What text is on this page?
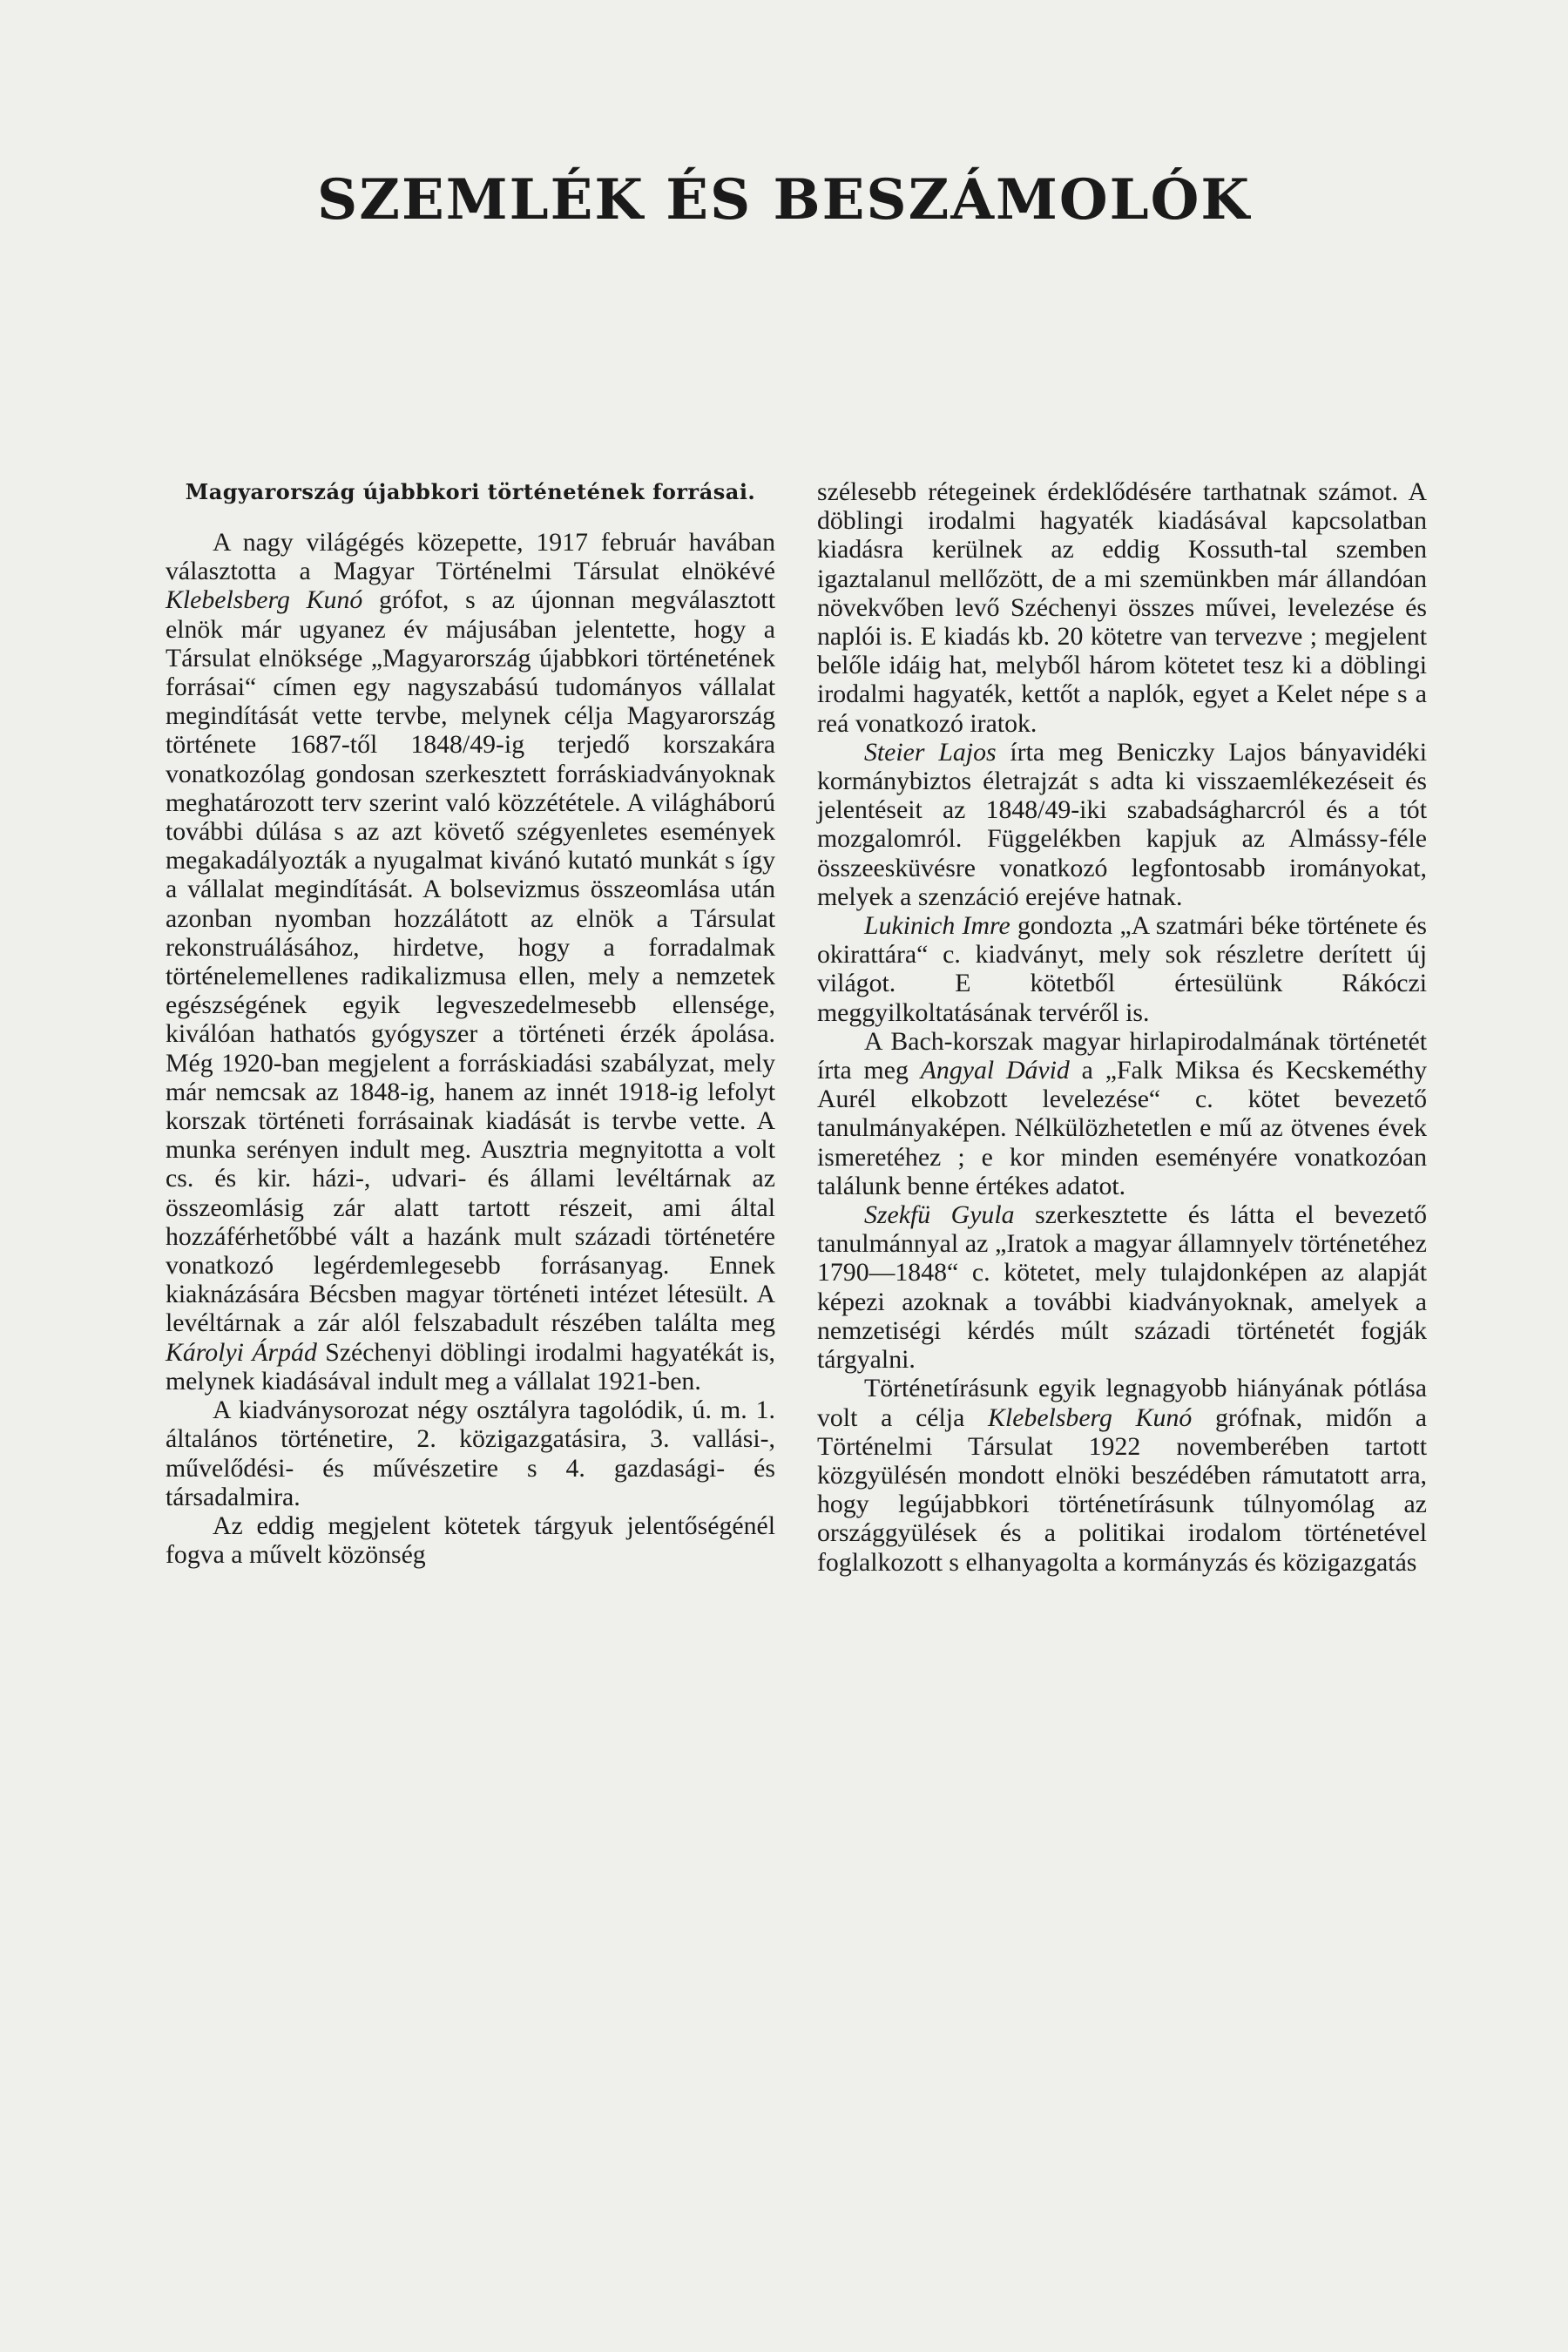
SZEMLÉK ÉS BESZÁMOLÓK
Magyarország újabbkori történetének forrásai.

A nagy világégés közepette, 1917 február havában választotta a Magyar Történelmi Társulat elnökévé Klebelsberg Kunó grófot, s az újonnan megválasztott elnök már ugyanez év májusában jelentette, hogy a Társulat elnöksége „Magyarország újabbkori történetének forrásai“ címen egy nagyszabású tudományos vállalat megindítását vette tervbe, melynek célja Magyarország története 1687-től 1848/49-ig terjedő korszakára vonatkozólag gondosan szerkesztett forráskiadványoknak meghatározott terv szerint való közzététele. A világháború további dúlása s az azt követő szégyenletes események megakadályozták a nyugalmat kivánó kutató munkát s így a vállalat megindítását. A bolsevizmus összeomlása után azonban nyomban hozzálátott az elnök a Társulat rekonstruálásához, hirdetve, hogy a forradalmak történelemellenes radikalizmusa ellen, mely a nemzetek egészségének egyik legveszedelmesebb ellensége, kiválóan hathatós gyógyszer a történeti érzék ápolása. Még 1920-ban megjelent a forráskiadási szabályzat, mely már nemcsak az 1848-ig, hanem az innét 1918-ig lefolyt korszak történeti forrásainak kiadását is tervbe vette. A munka serényen indult meg. Ausztria megnyitotta a volt cs. és kir. házi-, udvari- és állami levéltárnak az összeomlásig zár alatt tartott részeit, ami által hozzáférhetőbbé vált a hazánk mult századi történetére vonatkozó legérdemlegesebb forrásanyag. Ennek kiaknázására Bécsben magyar történeti intézet létesült. A levéltárnak a zár alól felszabadult részében találta meg Károlyi Árpád Széchenyi döblingi irodalmi hagyatékát is, melynek kiadásával indult meg a vállalat 1921-ben.

A kiadványsorozat négy osztályra tagolódik, ú. m. 1. általános történetire, 2. közigazgatásira, 3. vallási-, művelődési- és művészetire s 4. gazdasági- és társadalmira.

Az eddig megjelent kötetek tárgyuk jelentőségénél fogva a művelt közönség

szélesebb rétegeinek érdeklődésére tarthatnak számot. A döblingi irodalmi hagyaték kiadásával kapcsolatban kiadásra kerülnek az eddig Kossuth-tal szemben igaztalanul mellőzött, de a mi szemünkben már állandóan növekvőben levő Széchenyi összes művei, levelezése és naplói is. E kiadás kb. 20 kötetre van tervezve ; megjelent belőle idáig hat, melyből három kötetet tesz ki a döblingi irodalmi hagyaték, kettőt a naplók, egyet a Kelet népe s a reá vonatkozó iratok.

Steier Lajos írta meg Beniczky Lajos bányavidéki kormánybiztos életrajzát s adta ki visszaemlékezéseit és jelentéseit az 1848/49-iki szabadságharcról és a tót mozgalomról. Függelékben kapjuk az Almássy-féle összeesküvésre vonatkozó legfontosabb irományokat, melyek a szenzáció erejéve hatnak.

Lukinich Imre gondozta „A szatmári béke története és okirattára“ c. kiadványt, mely sok részletre derített új világot. E kötetből értesülünk Rákóczi meggyilkoltatásának tervéről is.

A Bach-korszak magyar hirlapirodalmának történetét írta meg Angyal Dávid a „Falk Miksa és Kecskeméthy Aurél elkobzott levelezése“ c. kötet bevezető tanulmányaképen. Nélkülözhetetlen e mű az ötvenes évek ismeretéhez ; e kor minden eseményére vonatkozóan találunk benne értékes adatot.

Szekfü Gyula szerkesztette és látta el bevezető tanulmánnyal az „Iratok a magyar államnyelv történetéhez 1790—1848“ c. kötetet, mely tulajdonképen az alapját képezi azoknak a további kiadványoknak, amelyek a nemzetiségi kérdés múlt századi történetét fogják tárgyalni.

Történetírásunk egyik legnagyobb hiányának pótlása volt a célja Klebelsberg Kunó grófnak, midőn a Történelmi Társulat 1922 novemberében tartott közgyülésén mondott elnöki beszédében rámutatott arra, hogy legújabbkori történetírásunk túlnyomólag az országgyülések és a politikai irodalom történetével foglalkozott s elhanyagolta a kormányzás és közigazgatás
